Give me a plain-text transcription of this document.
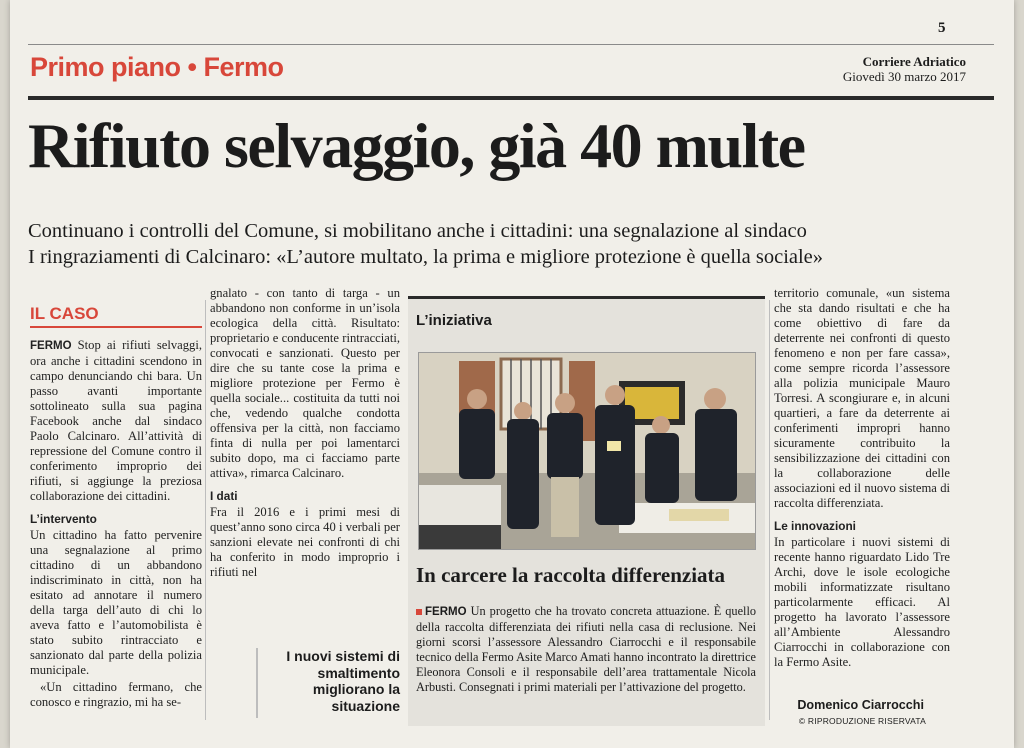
5
Primo piano • Fermo	Corriere Adriatico
Giovedì 30 marzo 2017
Rifiuto selvaggio, già 40 multe
Continuano i controlli del Comune, si mobilitano anche i cittadini: una segnalazione al sindaco
I ringraziamenti di Calcinaro: «L’autore multato, la prima e migliore protezione è quella sociale»
IL CASO

FERMO Stop ai rifiuti selvaggi, ora anche i cittadini scendono in campo denunciando chi bara. Un passo avanti importante sottolineato sulla sua pagina Facebook anche dal sindaco Paolo Calcinaro. All’attività di repressione del Comune contro il conferimento improprio dei rifiuti, si aggiunge la preziosa collaborazione dei cittadini.

L’intervento

Un cittadino ha fatto pervenire una segnalazione al primo cittadino di un abbandono indiscriminato in città, non ha esitato ad annotare il numero della targa dell’auto di chi lo aveva fatto e l’automobilista è stato subito rintracciato e sanzionato dal parte della polizia municipale.

«Un cittadino fermano, che conosco e ringrazio, mi ha se-

gnalato - con tanto di targa - un abbandono non conforme in un’isola ecologica della città. Risultato: proprietario e conducente rintracciati, convocati e sanzionati. Questo per dire che su tante cose la prima e migliore protezione per Fermo è quella sociale... costituita da tutti noi che, vedendo qualche condotta offensiva per la città, non facciamo finta di nulla per poi lamentarci subito dopo, ma ci facciamo parte attiva», rimarca Calcinaro.

I dati

Fra il 2016 e i primi mesi di quest’anno sono circa 40 i verbali per sanzioni elevate nei confronti di chi ha conferito in modo improprio i rifiuti nel

I nuovi sistemi di smaltimento migliorano la situazione
L’iniziativa
In carcere la raccolta differenziata
FERMO Un progetto che ha trovato concreta attuazione. È quello della raccolta differenziata dei rifiuti nella casa di reclusione. Nei giorni scorsi l’assessore Alessandro Ciarrocchi e il responsabile tecnico della Fermo Asite Marco Amati hanno incontrato la direttrice Eleonora Consoli e il responsabile dell’area trattamentale Nicola Arbusti. Consegnati i primi materiali per l’attivazione del progetto.

territorio comunale, «un sistema che sta dando risultati e che ha come obiettivo di fare da deterrente nei confronti di questo fenomeno e non per fare cassa», come sempre ricorda l’assessore alla polizia municipale Mauro Torresi. A scongiurare e, in alcuni quartieri, a fare da deterrente ai conferimenti impropri hanno sicuramente contribuito la sensibilizzazione dei cittadini con la collaborazione delle associazioni ed il nuovo sistema di raccolta differenziata.

Le innovazioni

In particolare i nuovi sistemi di recente hanno riguardato Lido Tre Archi, dove le isole ecologiche mobili informatizzate risultano particolarmente efficaci. Al progetto ha lavorato l’assessore all’Ambiente Alessandro Ciarrocchi in collaborazione con la Fermo Asite.

Domenico Ciarrocchi
© RIPRODUZIONE RISERVATA
